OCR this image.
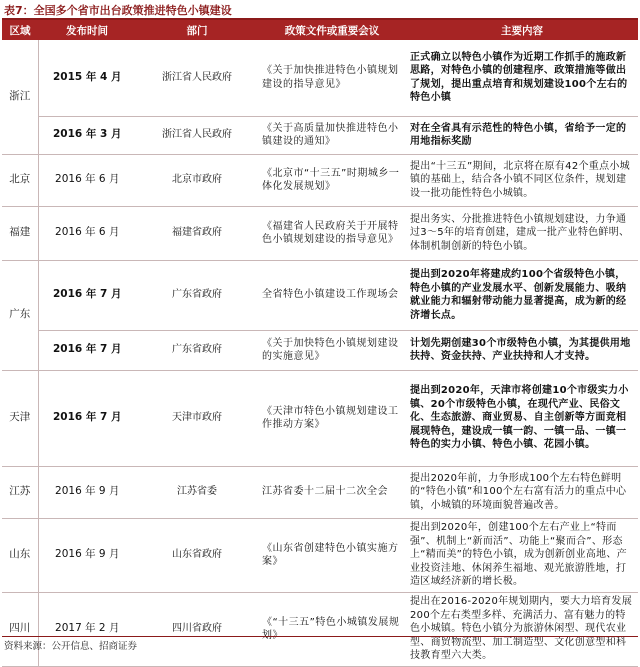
表7：全国多个省市出台政策推进特色小镇建设
区域	发布时间	部门	政策文件或重要会议	主要内容
浙江	2015 年 4 月	浙江省人民政府	《关于加快推进特色小镇规划建设的指导意见》	正式确立以特色小镇作为近期工作抓手的施政新思路，对特色小镇的创建程序、政策措施等做出了规划，提出重点培育和规划建设100个左右的特色小镇
	2016 年 3 月	浙江省人民政府	《关于高质量加快推进特色小镇建设的通知》	对在全省具有示范性的特色小镇，省给予一定的用地指标奖励
北京	2016 年 6 月	北京市政府	《北京市“十三五”时期城乡一体化发展规划》	提出“十三五”期间，北京将在原有42个重点小城镇的基础上，结合各小镇不同区位条件，规划建设一批功能性特色小城镇。
福建	2016 年 6 月	福建省政府	《福建省人民政府关于开展特色小镇规划建设的指导意见》	提出务实、分批推进特色小镇规划建设，力争通过3～5年的培育创建，建成一批产业特色鲜明、体制机制创新的特色小镇。
广东	2016 年 7 月	广东省政府	全省特色小镇建设工作现场会	提出到2020年将建成约100个省级特色小镇，特色小镇的产业发展水平、创新发展能力、吸纳就业能力和辐射带动能力显著提高，成为新的经济增长点。
	2016 年 7 月	广东省政府	《关于加快特色小镇规划建设的实施意见》	计划先期创建30个市级特色小镇，为其提供用地扶持、资金扶持、产业扶持和人才支持。
天津	2016 年 7 月	天津市政府	《天津市特色小镇规划建设工作推动方案》	提出到2020年，天津市将创建10个市级实力小镇、20个市级特色小镇，在现代产业、民俗文化、生态旅游、商业贸易、自主创新等方面竞相展现特色，建设成一镇一韵、一镇一品、一镇一特色的实力小镇、特色小镇、花园小镇。
江苏	2016 年 9 月	江苏省委	江苏省委十二届十二次全会	提出2020年前，力争形成100个左右特色鲜明的“特色小镇”和100个左右富有活力的重点中心镇，小城镇的环境面貌普遍改善。
山东	2016 年 9 月	山东省政府	《山东省创建特色小镇实施方案》	提出到2020年，创建100个左右产业上“特而强”、机制上“新而活”、功能上“聚而合”、形态上“精而美”的特色小镇，成为创新创业高地、产业投资洼地、休闲养生福地、观光旅游胜地，打造区域经济新的增长极。
四川	2017 年 2 月	四川省政府	《“十三五”特色小城镇发展规	提出在2016-2020年规划期内，要大力培育发展200个左右类型多样、充满活力、富有魅力的特色小城镇。特色小镇分为旅游休闲型、现代农业型、商贸物流型、加工制造型、文化创意型和科技教育型六大类。
资料来源：公开信息、招商证券
